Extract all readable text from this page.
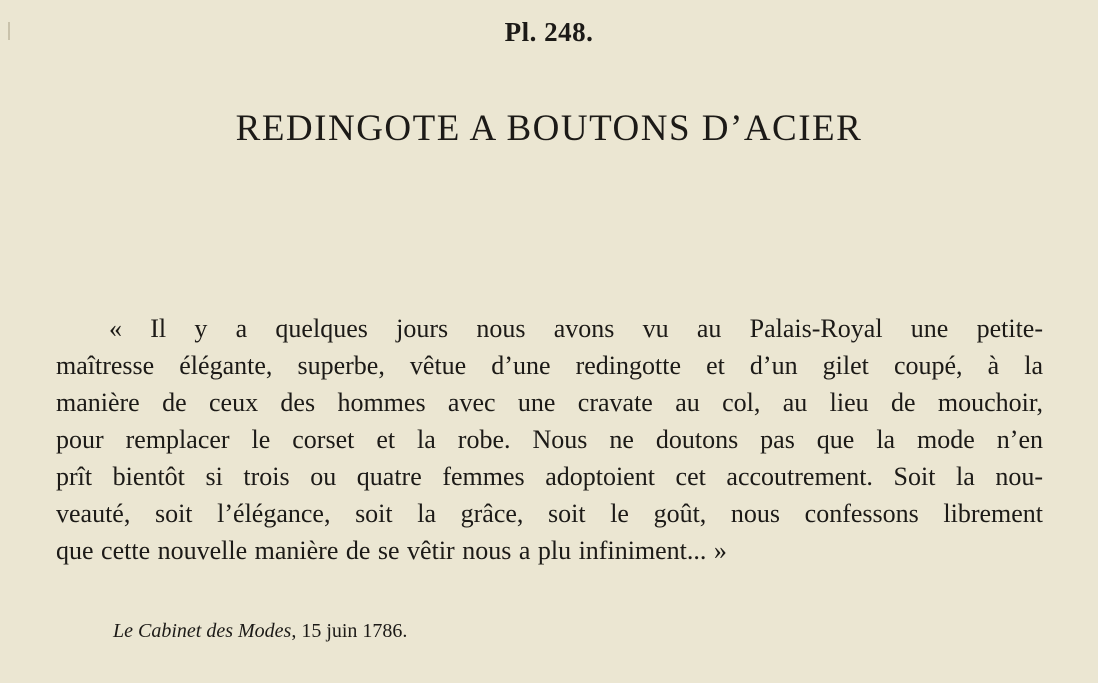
Pl. 248.
REDINGOTE A BOUTONS D’ACIER
« Il y a quelques jours nous avons vu au Palais-Royal une petite-
maîtresse élégante, superbe, vêtue d’une redingotte et d’un gilet coupé, à la
manière de ceux des hommes avec une cravate au col, au lieu de mouchoir,
pour remplacer le corset et la robe. Nous ne doutons pas que la mode n’en
prît bientôt si trois ou quatre femmes adoptoient cet accoutrement. Soit la nou-
veauté, soit l’élégance, soit la grâce, soit le goût, nous confessons librement
que cette nouvelle manière de se vêtir nous a plu infiniment... »
Le Cabinet des Modes, 15 juin 1786.
